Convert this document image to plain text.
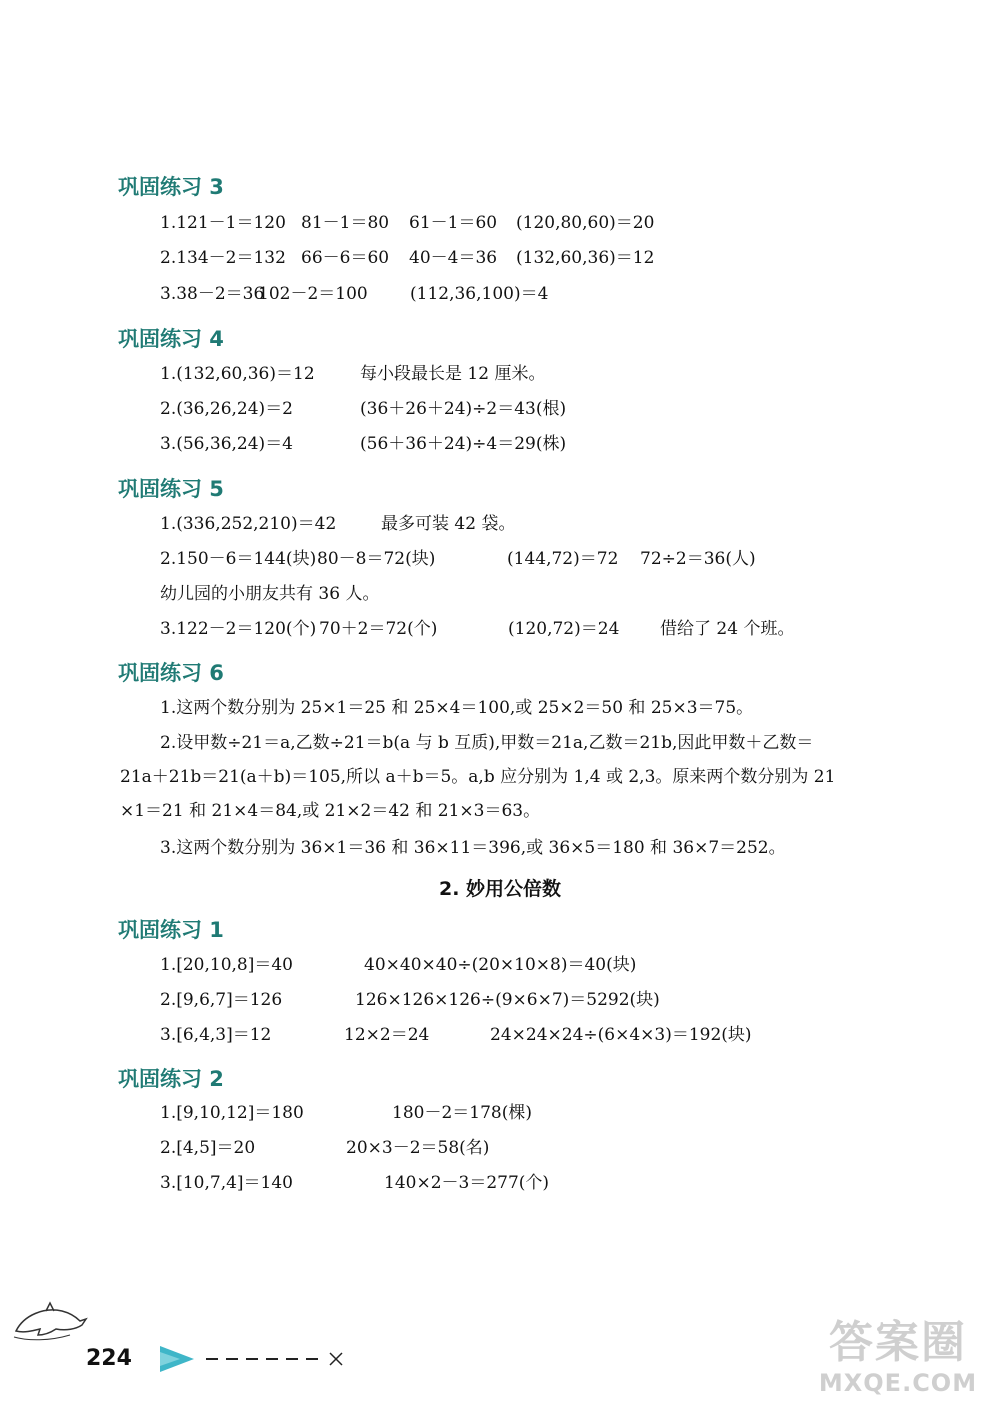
巩固练习 3
1.121－1＝120 81－1＝80 61－1＝60 (120,80,60)＝20
2.134－2＝132 66－6＝60 40－4＝36 (132,60,36)＝12
3.38－2＝36
102－2＝100 (112,36,100)＝4
巩固练习 4
1.(132,60,36)＝12	每小段最长是 12 厘米。
2.(36,26,24)＝2	(36＋26＋24)÷2＝43(根)
3.(56,36,24)＝4	(56＋36＋24)÷4＝29(株)
巩固练习 5
1.(336,252,210)＝42	最多可装 42 袋。
2.150－6＝144(块) 80－8＝72(块)	(144,72)＝72 72÷2＝36(人)
幼儿园的小朋友共有 36 人。
3.122－2＝120(个) 70＋2＝72(个)	(120,72)＝24 借给了 24 个班。
巩固练习 6
1.这两个数分别为 25×1＝25 和 25×4＝100,或 25×2＝50 和 25×3＝75。
2.设甲数÷21＝a,乙数÷21＝b(a 与 b 互质),甲数＝21a,乙数＝21b,因此甲数＋乙数＝
21a＋21b＝21(a＋b)＝105,所以 a＋b＝5。a,b 应分别为 1,4 或 2,3。原来两个数分别为 21
×1＝21 和 21×4＝84,或 21×2＝42 和 21×3＝63。
3.这两个数分别为 36×1＝36 和 36×11＝396,或 36×5＝180 和 36×7＝252。
2. 妙用公倍数
巩固练习 1
1.[20,10,8]＝40	40×40×40÷(20×10×8)＝40(块)
2.[9,6,7]＝126	126×126×126÷(9×6×7)＝5292(块)
3.[6,4,3]＝12	12×2＝24	24×24×24÷(6×4×3)＝192(块)
巩固练习 2
1.[9,10,12]＝180	180－2＝178(棵)
2.[4,5]＝20	20×3－2＝58(名)
3.[10,7,4]＝140	140×2－3＝277(个)
224	答案圈
MXQE.COM
